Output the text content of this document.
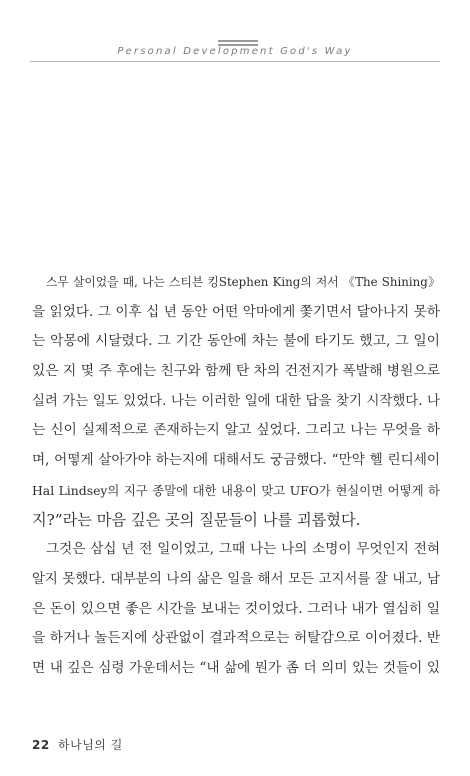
Personal Development God's Way
스무 살이었을 때, 나는 스티븐 킹Stephen King의 저서 《The Shining》
을 읽었다. 그 이후 십 년 동안 어떤 악마에게 쫓기면서 달아나지 못하
는 악몽에 시달렸다. 그 기간 동안에 차는 불에 타기도 했고, 그 일이
있은 지 몇 주 후에는 친구와 함께 탄 차의 건전지가 폭발해 병원으로
실려 가는 일도 있었다. 나는 이러한 일에 대한 답을 찾기 시작했다. 나
는 신이 실제적으로 존재하는지 알고 싶었다. 그리고 나는 무엇을 하
며, 어떻게 살아가야 하는지에 대해서도 궁금했다. “만약 헬 린디세이
Hal Lindsey의 지구 종말에 대한 내용이 맞고 UFO가 현실이면 어떻게 하
지?”라는 마음 깊은 곳의 질문들이 나를 괴롭혔다.
그것은 삼십 년 전 일이었고, 그때 나는 나의 소명이 무엇인지 전혀
알지 못했다. 대부분의 나의 삶은 일을 해서 모든 고지서를 잘 내고, 남
은 돈이 있으면 좋은 시간을 보내는 것이었다. 그러나 내가 열심히 일
을 하거나 놀든지에 상관없이 결과적으로는 허탈감으로 이어졌다. 반
면 내 깊은 심령 가운데서는 “내 삶에 뭔가 좀 더 의미 있는 것들이 있
22 하나님의 길
